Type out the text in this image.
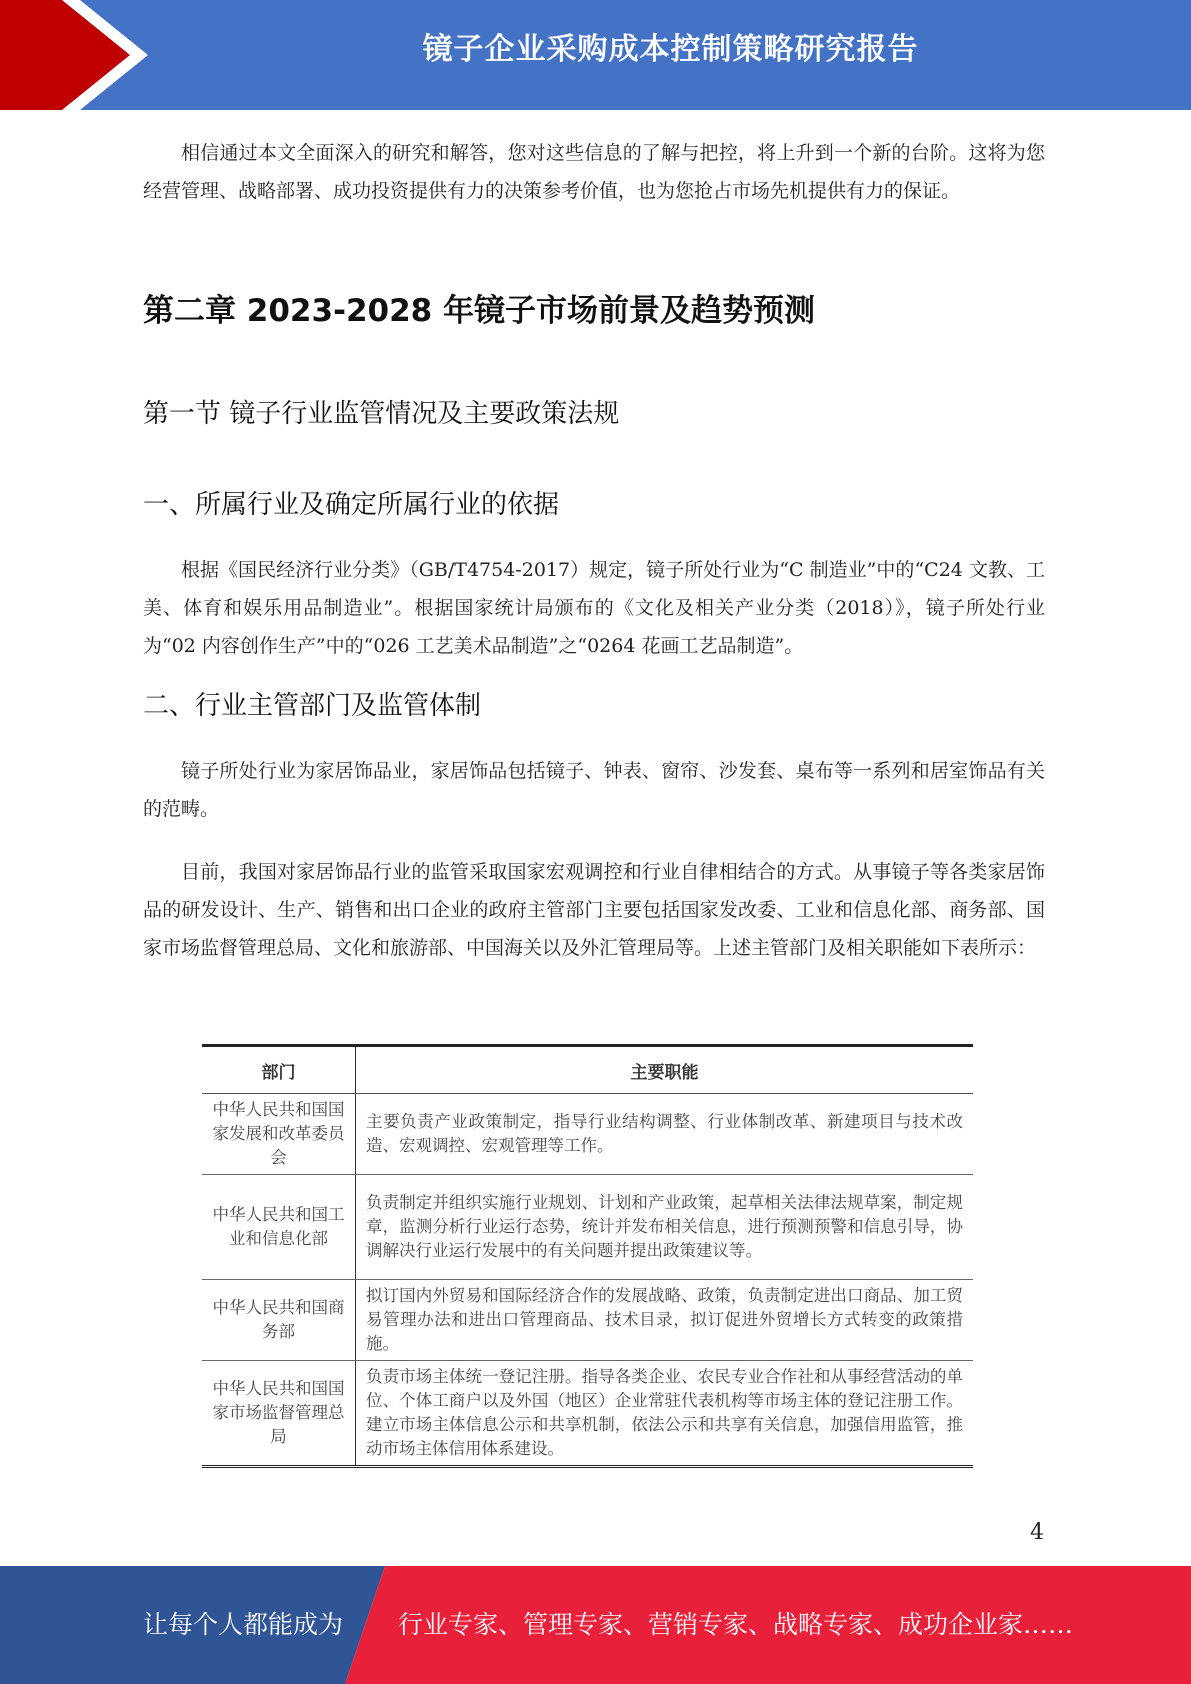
镜子企业采购成本控制策略研究报告

相信通过本文全面深入的研究和解答，您对这些信息的了解与把控，将上升到一个新的台阶。这将为您经营管理、战略部署、成功投资提供有力的决策参考价值，也为您抢占市场先机提供有力的保证。

第二章 2023-2028 年镜子市场前景及趋势预测
第一节 镜子行业监管情况及主要政策法规
一、所属行业及确定所属行业的依据

根据《国民经济行业分类》（GB/T4754-2017）规定，镜子所处行业为“C 制造业”中的“C24 文教、工美、体育和娱乐用品制造业”。根据国家统计局颁布的《文化及相关产业分类（2018）》，镜子所处行业为“02 内容创作生产”中的“026 工艺美术品制造”之“0264 花画工艺品制造”。

二、行业主管部门及监管体制

镜子所处行业为家居饰品业，家居饰品包括镜子、钟表、窗帘、沙发套、桌布等一系列和居室饰品有关的范畴。

目前，我国对家居饰品行业的监管采取国家宏观调控和行业自律相结合的方式。从事镜子等各类家居饰品的研发设计、生产、销售和出口企业的政府主管部门主要包括国家发改委、工业和信息化部、商务部、国家市场监督管理总局、文化和旅游部、中国海关以及外汇管理局等。上述主管部门及相关职能如下表所示：

部门	主要职能
中华人民共和国国家发展和改革委员会	主要负责产业政策制定，指导行业结构调整、行业体制改革、新建项目与技术改造、宏观调控、宏观管理等工作。
中华人民共和国工业和信息化部	负责制定并组织实施行业规划、计划和产业政策，起草相关法律法规草案，制定规章，监测分析行业运行态势，统计并发布相关信息，进行预测预警和信息引导，协调解决行业运行发展中的有关问题并提出政策建议等。
中华人民共和国商务部	拟订国内外贸易和国际经济合作的发展战略、政策，负责制定进出口商品、加工贸易管理办法和进出口管理商品、技术目录，拟订促进外贸增长方式转变的政策措施。
中华人民共和国国家市场监督管理总局	负责市场主体统一登记注册。指导各类企业、农民专业合作社和从事经营活动的单位、个体工商户以及外国（地区）企业常驻代表机构等市场主体的登记注册工作。建立市场主体信息公示和共享机制，依法公示和共享有关信息，加强信用监管，推动市场主体信用体系建设。
4
让每个人都能成为 行业专家、管理专家、营销专家、战略专家、成功企业家……
